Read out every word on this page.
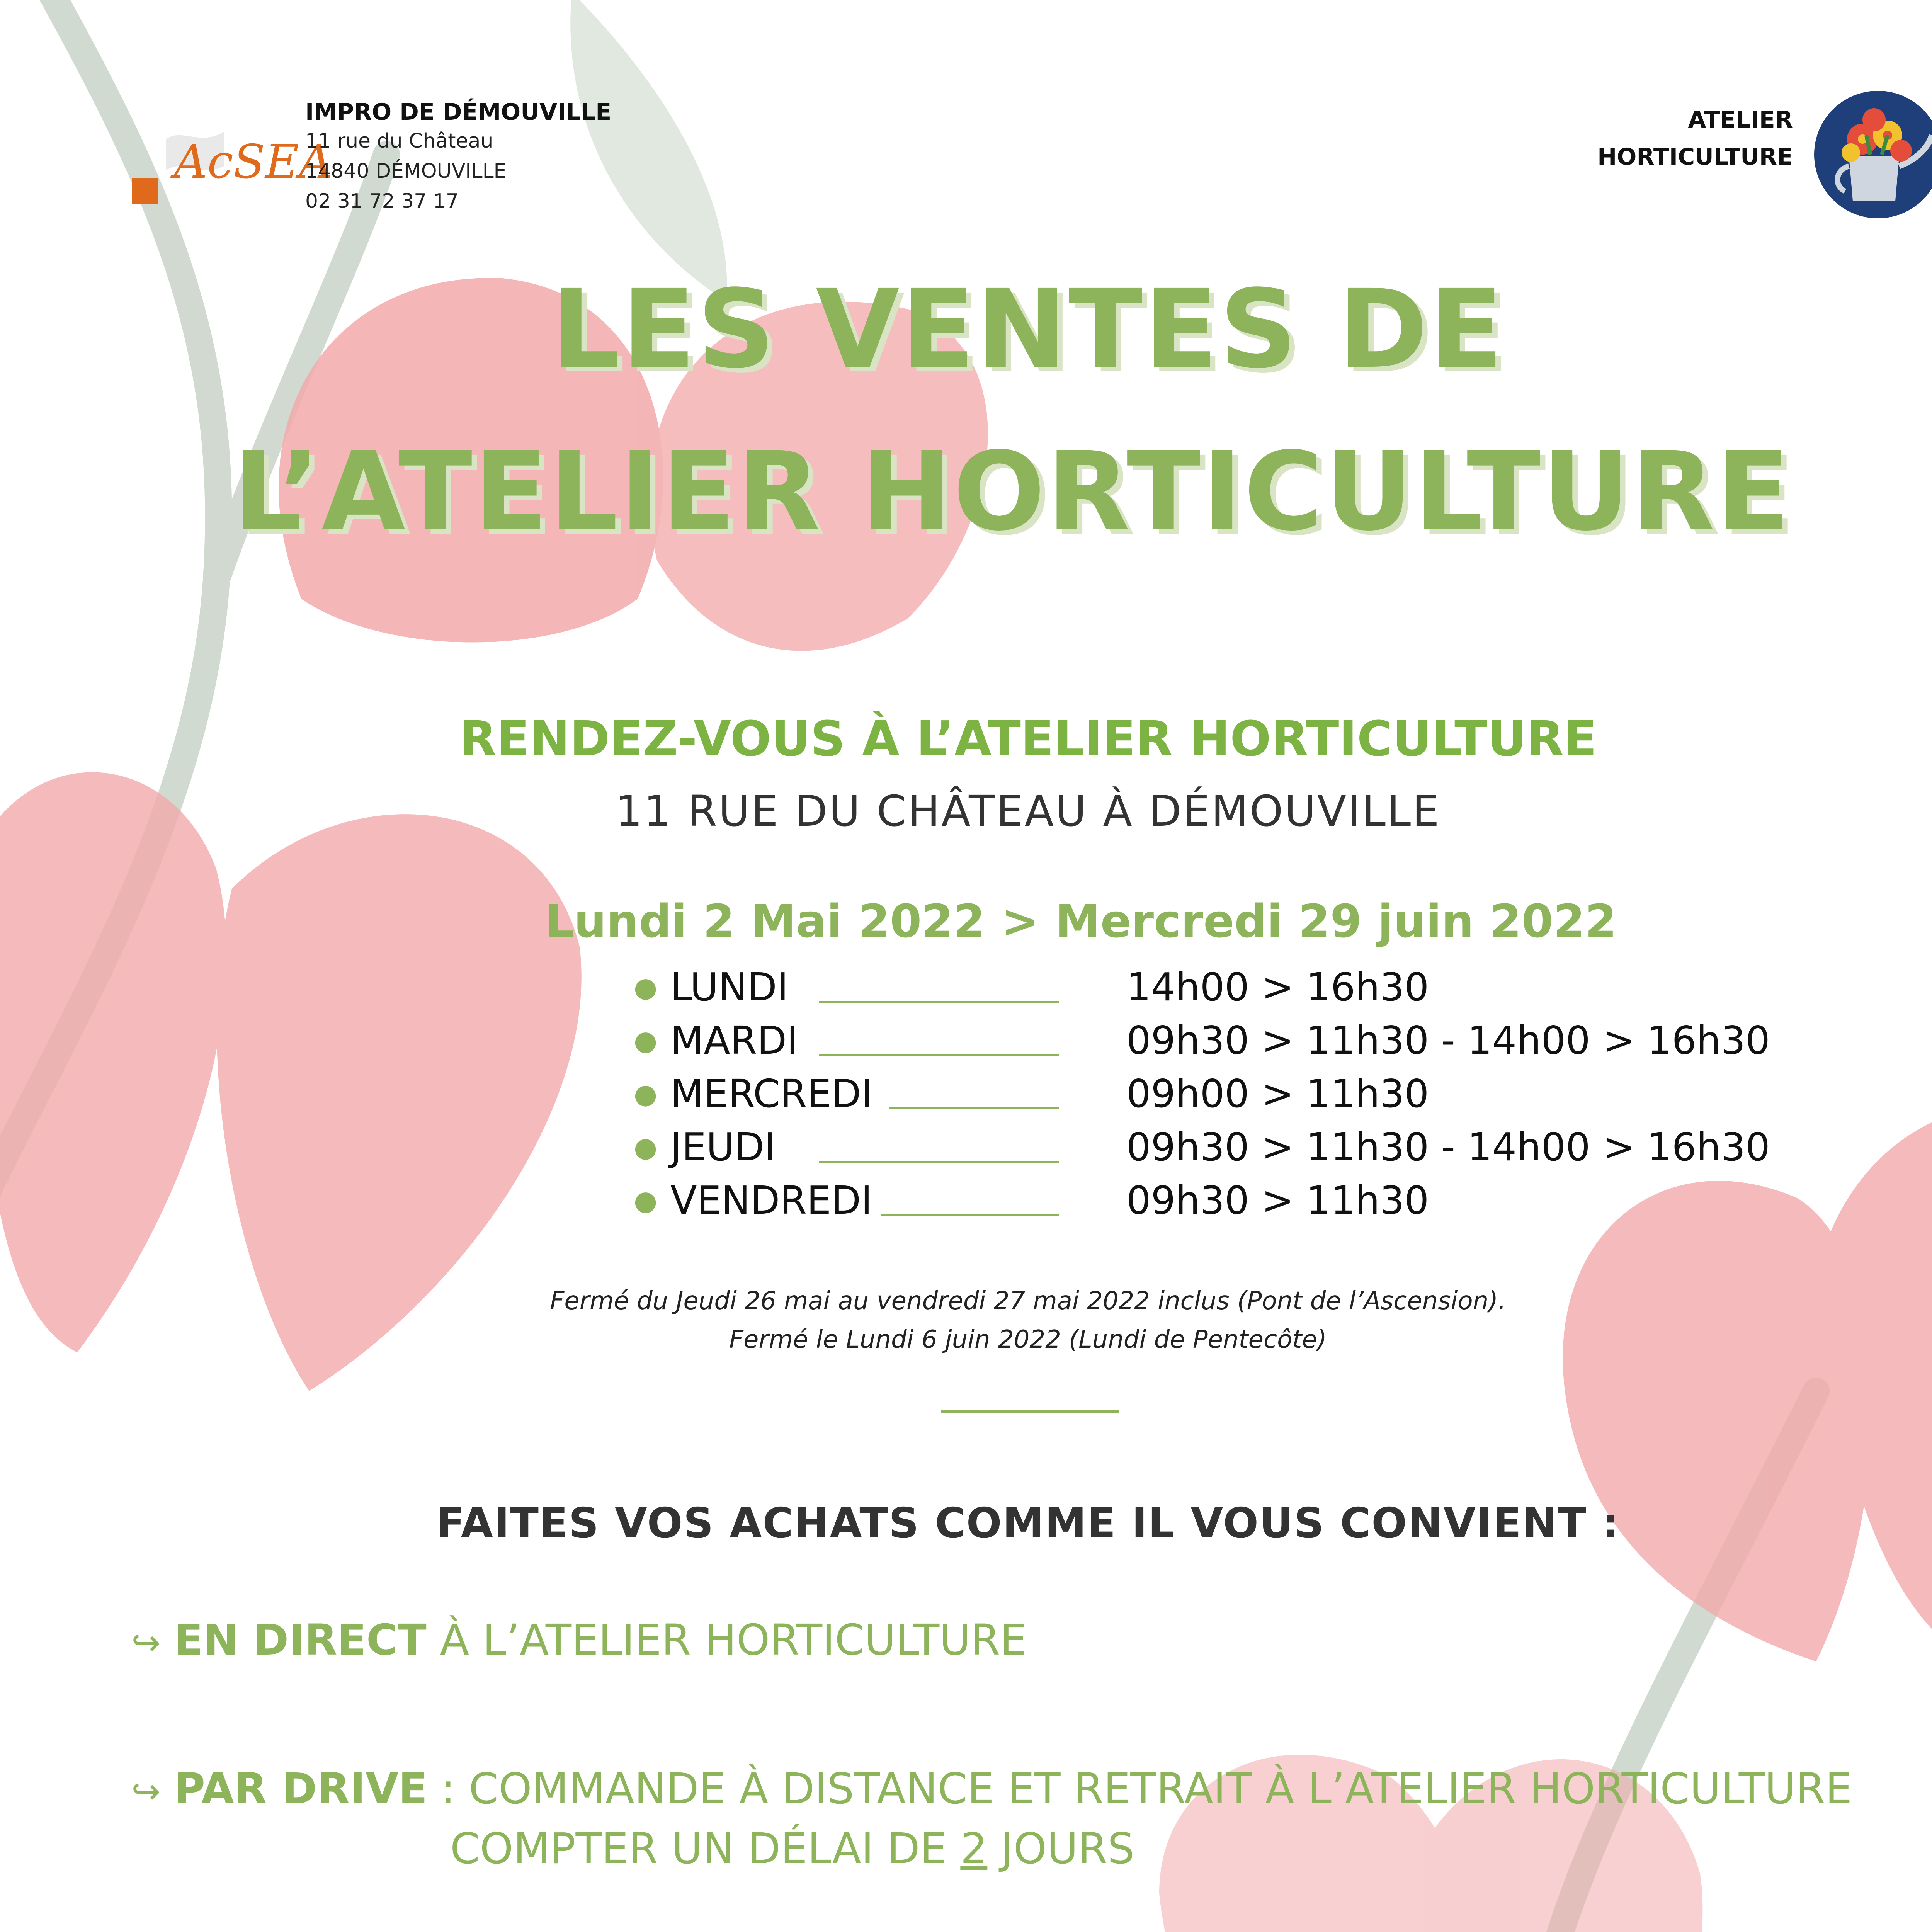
AcSEA
IMPRO DE DÉMOUVILLE
11 rue du Château
14840 DÉMOUVILLE
02 31 72 37 17
ATELIER
HORTICULTURE
LES VENTES DE
L’ATELIER HORTICULTURE
RENDEZ-VOUS À L’ATELIER HORTICULTURE
11 RUE DU CHÂTEAU À DÉMOUVILLE
Lundi 2 Mai 2022 > Mercredi 29 juin 2022
● LUNDI	14h00 > 16h30
● MARDI	09h30 > 11h30 - 14h00 > 16h30
● MERCREDI	09h00 > 11h30
● JEUDI	09h30 > 11h30 - 14h00 > 16h30
● VENDREDI	09h30 > 11h30
Fermé du Jeudi 26 mai au vendredi 27 mai 2022 inclus (Pont de l’Ascension).
Fermé le Lundi 6 juin 2022 (Lundi de Pentecôte)
FAITES VOS ACHATS COMME IL VOUS CONVIENT :
↪ EN DIRECT À L’ATELIER HORTICULTURE
↪ PAR DRIVE : COMMANDE À DISTANCE ET RETRAIT À L’ATELIER HORTICULTURE
COMPTER UN DÉLAI DE 2 JOURS
